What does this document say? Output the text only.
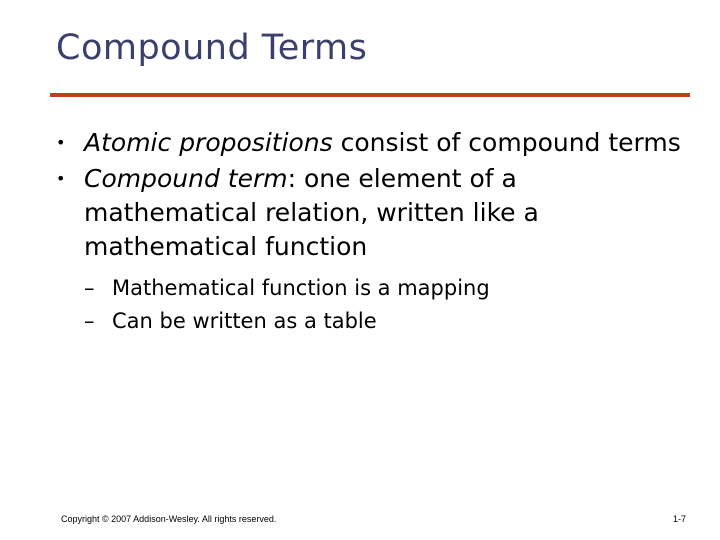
Compound Terms
• Atomic propositions consist of compound terms
• Compound term: one element of a mathematical relation, written like a mathematical function
– Mathematical function is a mapping
– Can be written as a table
Copyright © 2007 Addison-Wesley. All rights reserved.	1-7
